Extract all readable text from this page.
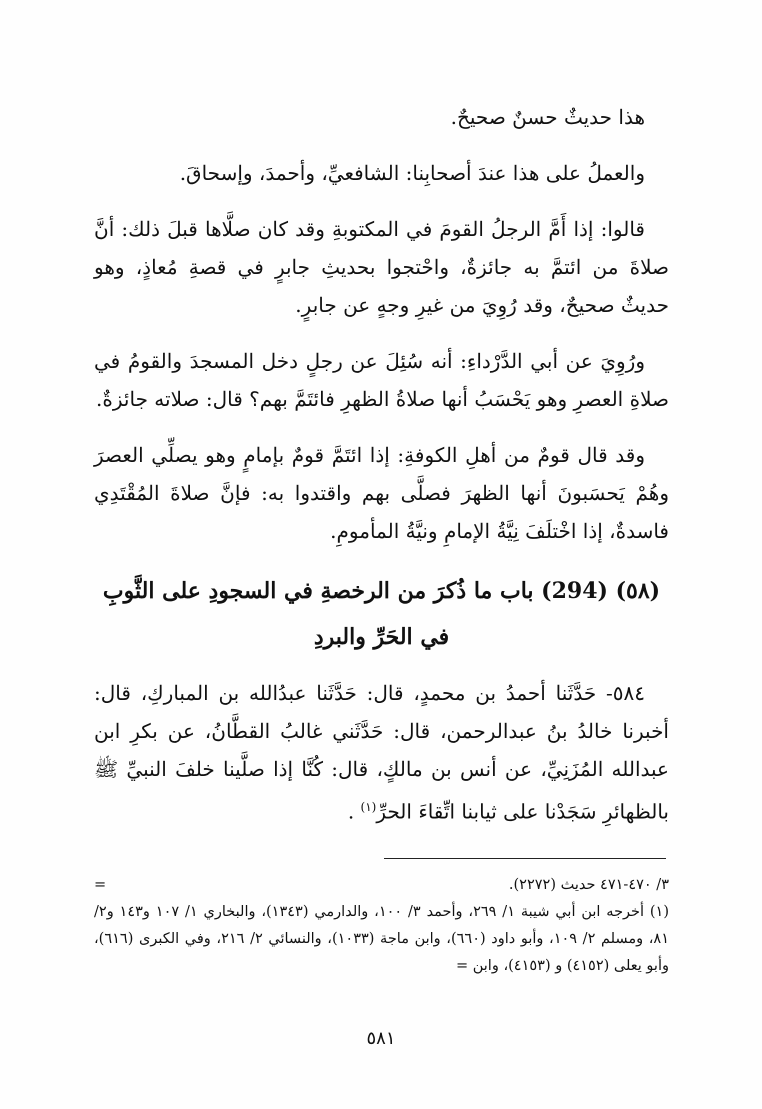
هذا حديثٌ حسنٌ صحيحٌ.

والعملُ على هذا عندَ أصحابِنا: الشافعيِّ، وأحمدَ، وإسحاقَ.

قالوا: إذا أَمَّ الرجلُ القومَ في المكتوبةِ وقد كان صلَّاها قبلَ ذلك: أنَّ صلاةَ من ائتمَّ به جائزةٌ، واحْتجوا بحديثِ جابرٍ في قصةِ مُعاذٍ، وهو حديثٌ صحيحٌ، وقد رُوِيَ من غيرِ وجهٍ عن جابرٍ.

ورُوِيَ عن أبي الدَّرْداءِ: أنه سُئِلَ عن رجلٍ دخل المسجدَ والقومُ في صلاةِ العصرِ وهو يَحْسَبُ أنها صلاةُ الظهرِ فائتَمَّ بهم؟ قال: صلاته جائزةٌ.

وقد قال قومٌ من أهلِ الكوفةِ: إذا ائتَمَّ قومٌ بإمامٍ وهو يصلِّي العصرَ وهُمْ يَحسَبونَ أنها الظهرَ فصلَّى بهم واقتدوا به: فإنَّ صلاةَ المُقْتَدِي فاسدةٌ، إذا اخْتلَفَ نِيَّةُ الإمامِ ونيَّةُ المأمومِ.

(٥٨) (294) باب ما ذُكرَ من الرخصةِ في السجودِ على الثَّوبِ
في الحَرِّ والبردِ

٥٨٤- حَدَّثَنا أحمدُ بن محمدٍ، قال: حَدَّثَنا عبدُالله بن المباركِ، قال: أخبرنا خالدُ بنُ عبدالرحمن، قال: حَدَّثَني غالبُ القطَّانُ، عن بكرِ ابن عبدالله المُزَنِيِّ، عن أنس بن مالكٍ، قال: كُنَّا إذا صلَّينا خلفَ النبيِّ ﷺ بالظهائرِ سَجَدْنا على ثيابنا اتِّقاءَ الحرِّ$^{(١)}$ .

٣/ ٤٧٠-٤٧١ حديث (٢٢٧٢).
=

(١) أخرجه ابن أبي شيبة ١/ ٢٦٩، وأحمد ٣/ ١٠٠، والدارمي (١٣٤٣)، والبخاري ١/ ١٠٧ و١٤٣ و٢/ ٨١، ومسلم ٢/ ١٠٩، وأبو داود (٦٦٠)، وابن ماجة (١٠٣٣)، والنسائي ٢/ ٢١٦، وفي الكبرى (٦١٦)، وأبو يعلى (٤١٥٢) و (٤١٥٣)، وابن =

٥٨١
